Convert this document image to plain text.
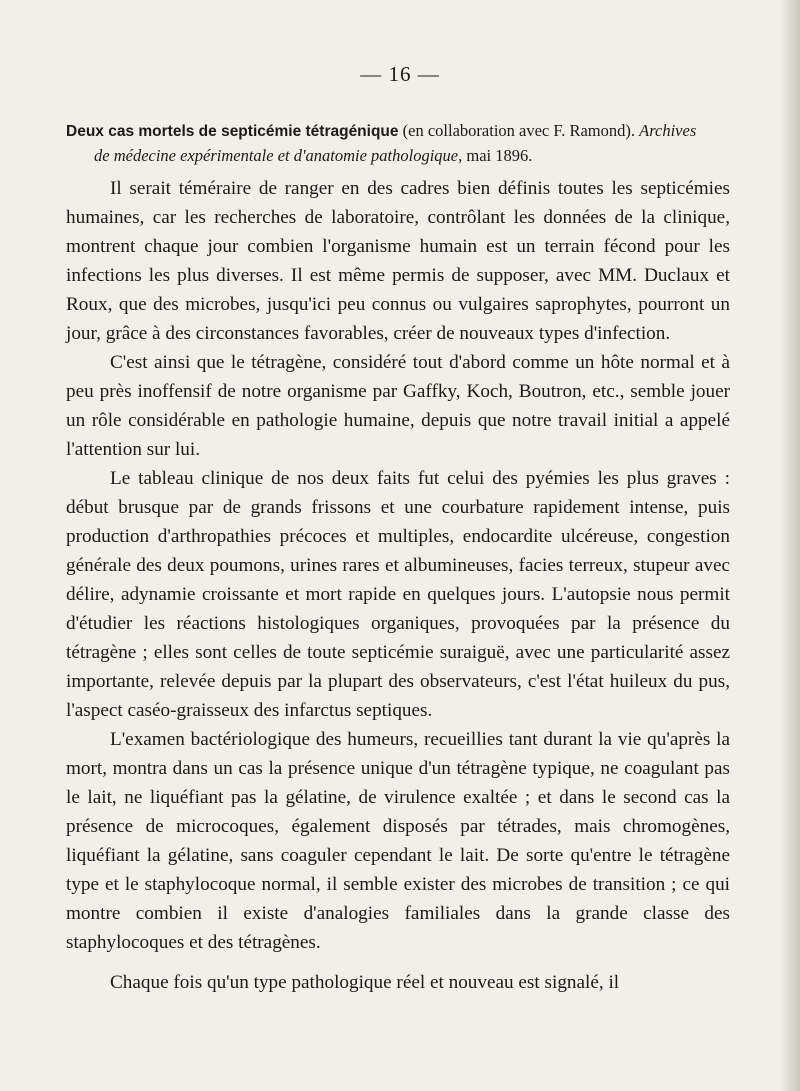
— 16 —
Deux cas mortels de septicémie tétragénique (en collaboration avec F. Ramond). Archives
de médecine expérimentale et d'anatomie pathologique, mai 1896.

Il serait téméraire de ranger en des cadres bien définis toutes les septicémies humaines, car les recherches de laboratoire, contrôlant les données de la clinique, montrent chaque jour combien l'organisme humain est un terrain fécond pour les infections les plus diverses. Il est même permis de supposer, avec MM. Duclaux et Roux, que des microbes, jusqu'ici peu connus ou vulgaires saprophytes, pourront un jour, grâce à des circonstances favorables, créer de nouveaux types d'infection.

C'est ainsi que le tétragène, considéré tout d'abord comme un hôte normal et à peu près inoffensif de notre organisme par Gaffky, Koch, Boutron, etc., semble jouer un rôle considérable en pathologie humaine, depuis que notre travail initial a appelé l'attention sur lui.

Le tableau clinique de nos deux faits fut celui des pyémies les plus graves : début brusque par de grands frissons et une courbature rapidement intense, puis production d'arthropathies précoces et multiples, endocardite ulcéreuse, congestion générale des deux poumons, urines rares et albumineuses, facies terreux, stupeur avec délire, adynamie croissante et mort rapide en quelques jours. L'autopsie nous permit d'étudier les réactions histologiques organiques, provoquées par la présence du tétragène ; elles sont celles de toute septicémie suraiguë, avec une particularité assez importante, relevée depuis par la plupart des observateurs, c'est l'état huileux du pus, l'aspect caséo-graisseux des infarctus septiques.

L'examen bactériologique des humeurs, recueillies tant durant la vie qu'après la mort, montra dans un cas la présence unique d'un tétragène typique, ne coagulant pas le lait, ne liquéfiant pas la gélatine, de virulence exaltée ; et dans le second cas la présence de microcoques, également disposés par tétrades, mais chromogènes, liquéfiant la gélatine, sans coaguler cependant le lait. De sorte qu'entre le tétragène type et le staphylocoque normal, il semble exister des microbes de transition ; ce qui montre combien il existe d'analogies familiales dans la grande classe des staphylocoques et des tétragènes.

Chaque fois qu'un type pathologique réel et nouveau est signalé, il
